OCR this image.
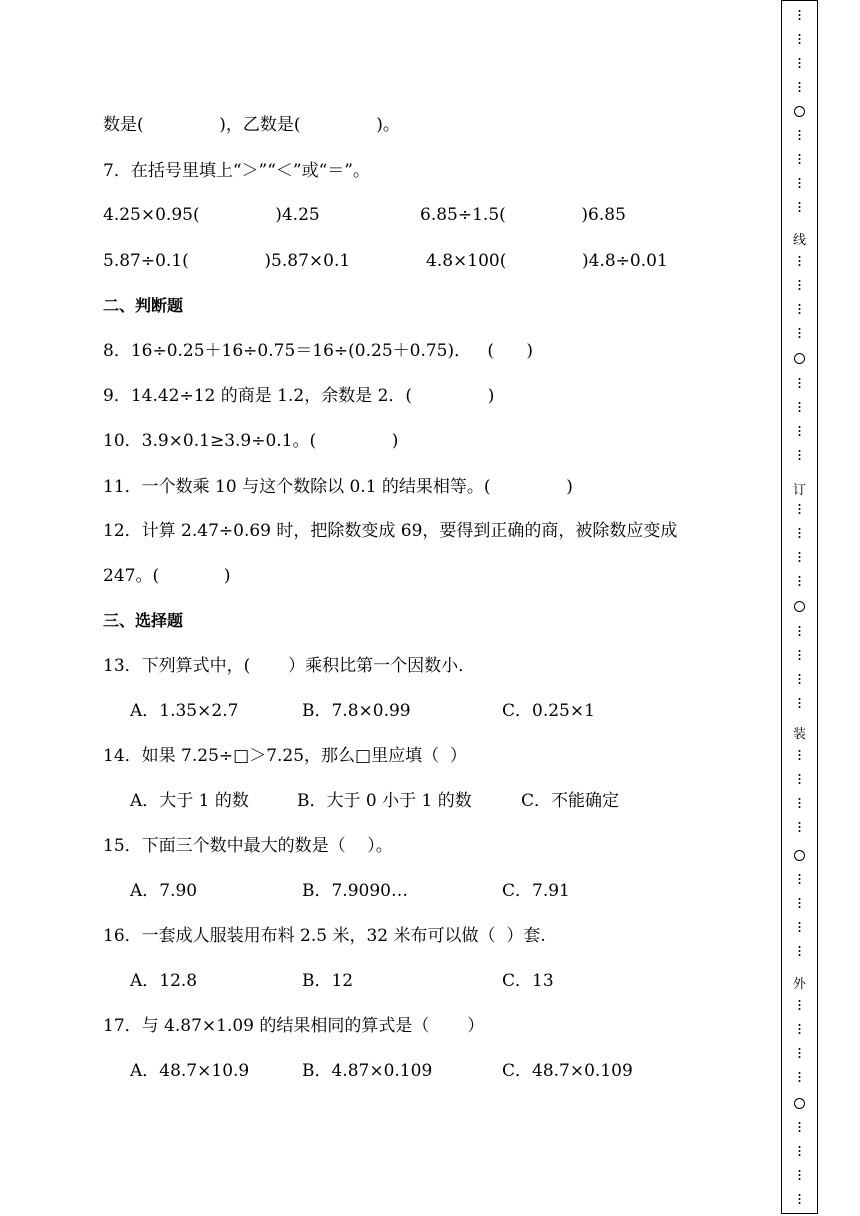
数是(              )，乙数是(              )。
7．在括号里填上“＞”“＜”或“＝”。
4.25×0.95(              )4.25	6.85÷1.5(              )6.85
5.87÷0.1(              )5.87×0.1	4.8×100(              )4.8÷0.01
二、判断题
8．16÷0.25＋16÷0.75＝16÷(0.25＋0.75)．   (      )
9．14.42÷12 的商是 1.2，余数是 2．(              )
10．3.9×0.1≥3.9÷0.1。(              )
11．一个数乘 10 与这个数除以 0.1 的结果相等。(              )
12．计算 2.47÷0.69 时，把除数变成 69，要得到正确的商，被除数应变成
247。(            )
三、选择题
13．下列算式中，(       ）乘积比第一个因数小．
A．1.35×2.7	B．7.8×0.99	C．0.25×1
14．如果 7.25÷□＞7.25，那么□里应填（  ）
A．大于 1 的数	B．大于 0 小于 1 的数	C．不能确定
15．下面三个数中最大的数是（    ）。
A．7.90	B．7.9090…	C．7.91
16．一套成人服装用布料 2.5 米，32 米布可以做（  ）套.
A．12.8	B．12	C．13
17．与 4.87×1.09 的结果相同的算式是（       ）
A．48.7×10.9	B．4.87×0.109	C．48.7×0.109
线
订
装
外
